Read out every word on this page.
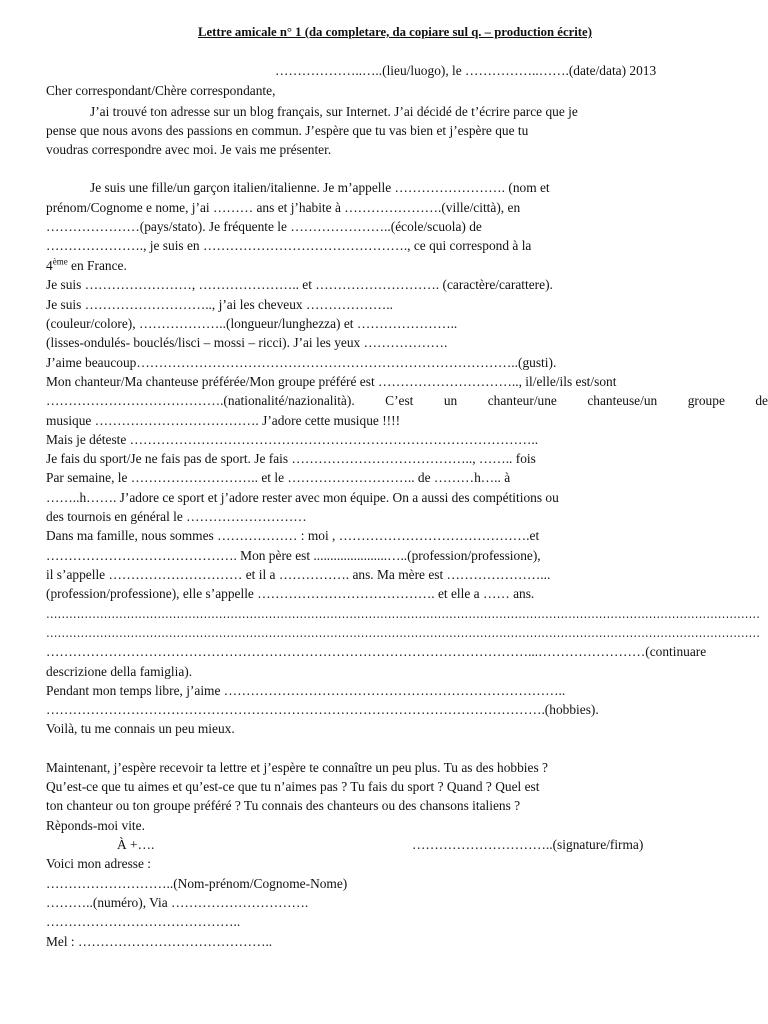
Lettre amicale n° 1 (da completare, da copiare sul q. – production écrite)
………………..…..(lieu/luogo), le ……………..…….(date/data) 2013
Cher correspondant/Chère correspondante,
J’ai trouvé ton adresse sur un blog français, sur Internet. J’ai décidé de t’écrire parce que je
pense que nous avons des passions en commun. J’espère que tu vas bien et j’espère que tu
voudras correspondre avec moi. Je vais me présenter.
Je suis une fille/un garçon italien/italienne. Je m’appelle ……………………. (nom et
prénom/Cognome e nome, j’ai ……… ans et j’habite à ………………….(ville/città), en
…………………(pays/stato). Je fréquente le …………………..(école/scuola) de
…………………., je suis en ………………………………………., ce qui correspond à la
4ème en France.
Je suis ……………………, ………………….. et ………………………. (caractère/carattere).
Je suis ……………………….., j’ai les cheveux ………………..
(couleur/colore), ………………..(longueur/lunghezza) et …………………..
(lisses-ondulés- bouclés/lisci – mossi – ricci). J’ai les yeux ……………….
J’aime beaucoup…………………………………………………………………………..(gusti).
Mon chanteur/Ma chanteuse préférée/Mon groupe préféré est ………………………….., il/elle/ils est/sont
………………………………….(nationalité/nazionalità). C’est un chanteur/une chanteuse/un groupe de
musique ………………………………. J’adore cette musique !!!!
Mais je déteste ………………………………………………………………………………..
Je fais du sport/Je ne fais pas de sport. Je fais ………………………………….., …….. fois
Par semaine, le ……………………….. et le ……………………….. de ………h….. à
……..h……. J’adore ce sport et j’adore rester avec mon équipe. On a aussi des compétitions ou
des tournois en général le ………………………
Dans ma famille, nous sommes ……………… : moi , …………………………………….et
……………………………………. Mon père est ......................…..(profession/professione),
il s’appelle ………………………… et il a ……………. ans. Ma mère est …………………...
(profession/professione), elle s’appelle …………………………………. et elle a …… ans.
……………………………………………………………………………………………………………………………………………………………………
……………………………………………………………………………………………………………………………………………………………………
………………………………………………………………………………………………...……………………(continuare
descrizione della famiglia).
Pendant mon temps libre, j’aime …………………………………………………………………..
………………………………………………………………………………………………….(hobbies).
Voilà, tu me connais un peu mieux.
Maintenant, j’espère recevoir ta lettre et j’espère te connaître un peu plus. Tu as des hobbies ?
Qu’est-ce que tu aimes et qu’est-ce que tu n’aimes pas ? Tu fais du sport ? Quand ? Quel est
ton chanteur ou ton groupe préféré ? Tu connais des chanteurs ou des chansons italiens ?
Rèponds-moi vite.
À +….	…………………………..(signature/firma)
Voici mon adresse :
………………………..(Nom-prénom/Cognome-Nome)
………..(numéro), Via ………………………….
……………………………………..
Mel : ……………………………………..
